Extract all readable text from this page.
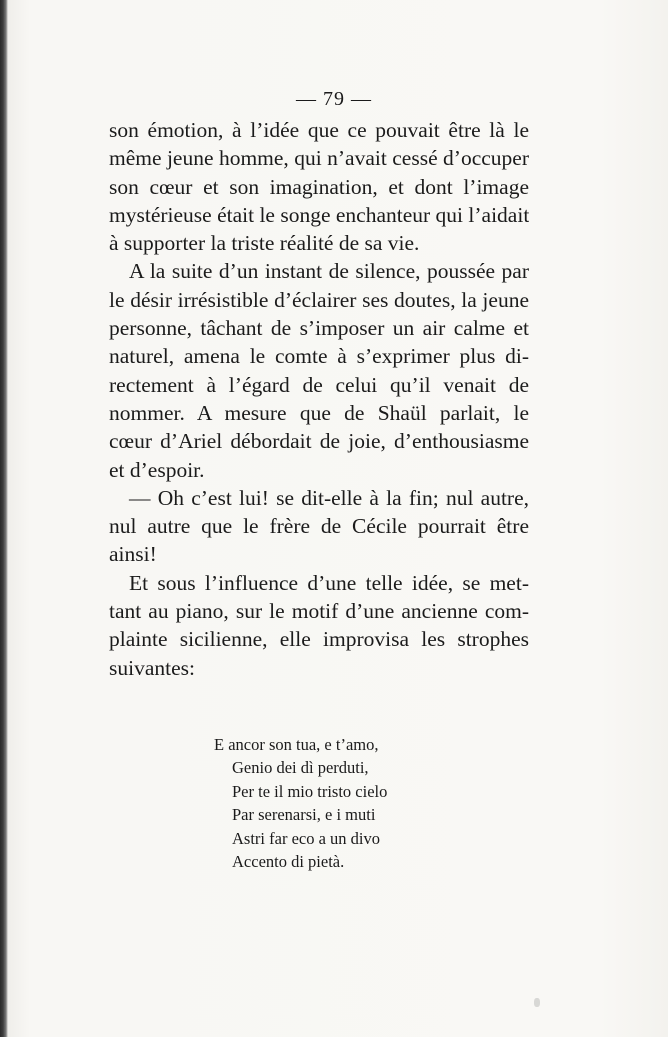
— 79 —
son émotion, à l’idée que ce pouvait être là le
même jeune homme, qui n’avait cessé d’occuper
son cœur et son imagination, et dont l’image
mystérieuse était le songe enchanteur qui l’aidait
à supporter la triste réalité de sa vie.
A la suite d’un instant de silence, poussée par
le désir irrésistible d’éclairer ses doutes, la jeune
personne, tâchant de s’imposer un air calme et
naturel, amena le comte à s’exprimer plus di-
rectement à l’égard de celui qu’il venait de
nommer. A mesure que de Shaül parlait, le
cœur d’Ariel débordait de joie, d’enthousiasme
et d’espoir.
— Oh c’est lui! se dit-elle à la fin; nul autre,
nul autre que le frère de Cécile pourrait être
ainsi!
Et sous l’influence d’une telle idée, se met-
tant au piano, sur le motif d’une ancienne com-
plainte sicilienne, elle improvisa les strophes
suivantes:
E ancor son tua, e t’amo,
Genio dei dì perduti,
Per te il mio tristo cielo
Par serenarsi, e i muti
Astri far eco a un divo
Accento di pietà.
